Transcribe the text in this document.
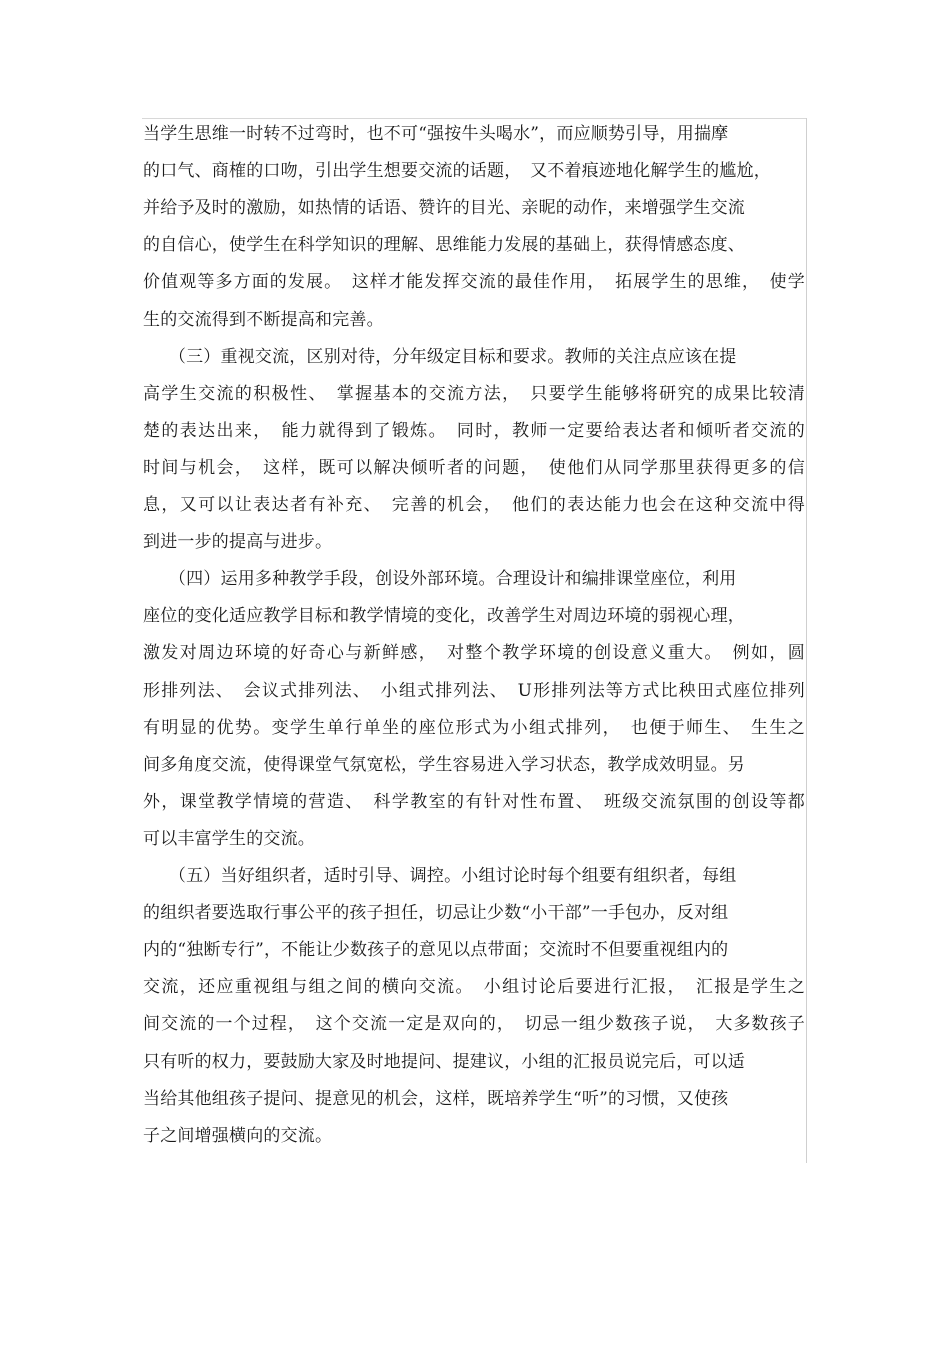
当学生思维一时转不过弯时，也不可“强按牛头喝水”，而应顺势引导，用揣摩
的口气、商榷的口吻，引出学生想要交流的话题，　又不着痕迹地化解学生的尴尬，
并给予及时的激励，如热情的话语、赞许的目光、亲昵的动作，来增强学生交流
的自信心，使学生在科学知识的理解、思维能力发展的基础上，获得情感态度、
价值观等多方面的发展。　这样才能发挥交流的最佳作用，　拓展学生的思维，　使学
生的交流得到不断提高和完善。
　　（三）重视交流，区别对待，分年级定目标和要求。教师的关注点应该在提
高学生交流的积极性、　掌握基本的交流方法，　只要学生能够将研究的成果比较清
楚的表达出来，　能力就得到了锻炼。　同时，教师一定要给表达者和倾听者交流的
时间与机会，　这样，既可以解决倾听者的问题，　使他们从同学那里获得更多的信
息，又可以让表达者有补充、　完善的机会，　他们的表达能力也会在这种交流中得
到进一步的提高与进步。
　　（四）运用多种教学手段，创设外部环境。合理设计和编排课堂座位，利用
座位的变化适应教学目标和教学情境的变化，改善学生对周边环境的弱视心理，
激发对周边环境的好奇心与新鲜感，　对整个教学环境的创设意义重大。　例如，圆
形排列法、　会议式排列法、　小组式排列法、　U形排列法等方式比秧田式座位排列
有明显的优势。变学生单行单坐的座位形式为小组式排列，　也便于师生、　生生之
间多角度交流，使得课堂气氛宽松，学生容易进入学习状态，教学成效明显。另
外，课堂教学情境的营造、　科学教室的有针对性布置、　班级交流氛围的创设等都
可以丰富学生的交流。
　　（五）当好组织者，适时引导、调控。小组讨论时每个组要有组织者，每组
的组织者要选取行事公平的孩子担任，切忌让少数“小干部”一手包办，反对组
内的“独断专行”，不能让少数孩子的意见以点带面；交流时不但要重视组内的
交流，还应重视组与组之间的横向交流。　小组讨论后要进行汇报，　汇报是学生之
间交流的一个过程，　这个交流一定是双向的，　切忌一组少数孩子说，　大多数孩子
只有听的权力，要鼓励大家及时地提问、提建议，小组的汇报员说完后，可以适
当给其他组孩子提问、提意见的机会，这样，既培养学生“听”的习惯，又使孩
子之间增强横向的交流。
